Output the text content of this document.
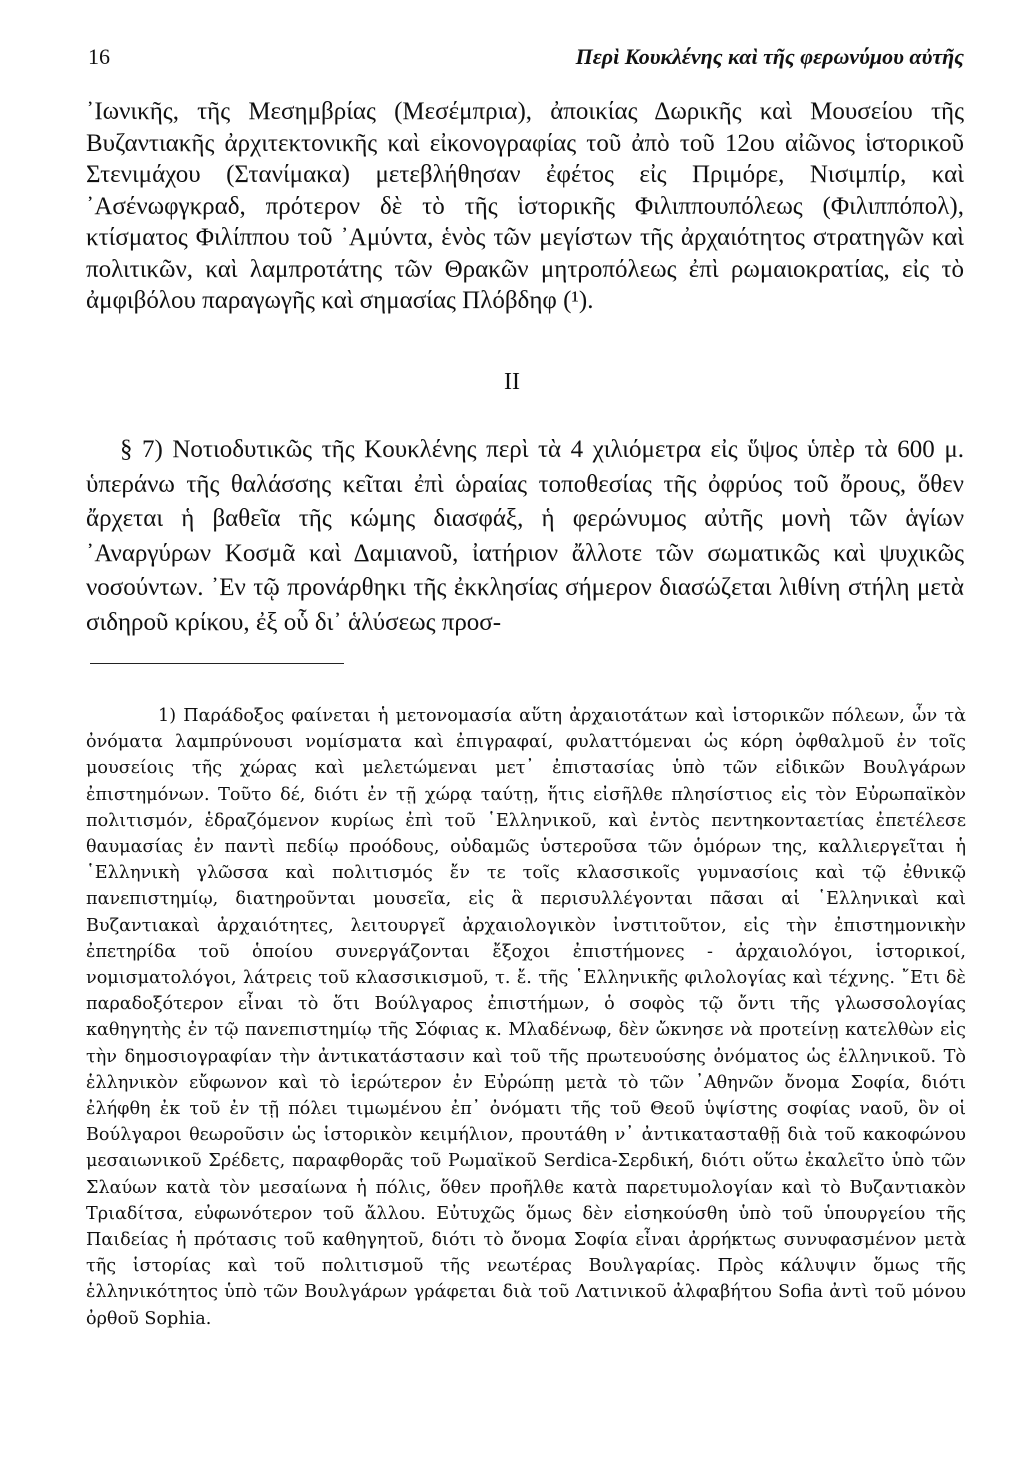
16	Περὶ Κουκλένης καὶ τῆς φερωνύμου αὐτῆς

᾽Ιωνικῆς, τῆς Μεσημβρίας (Μεσέμπρια), ἀποικίας Δωρικῆς καὶ Μουσείου τῆς Βυζαντιακῆς ἀρχιτεκτονικῆς καὶ εἰκονογραφίας τοῦ ἀπὸ τοῦ 12ου αἰῶνος ἱστορικοῦ Στενιμάχου (Στανίμακα) μετεβλήθησαν ἐφέτος εἰς Πριμόρε, Νισιμπίρ, καὶ ᾽Ασένωφγκραδ, πρότερον δὲ τὸ τῆς ἱστορικῆς Φιλιππουπόλεως (Φιλιππόπολ), κτίσματος Φιλίππου τοῦ ᾽Αμύντα, ἑνὸς τῶν μεγίστων τῆς ἀρχαιότητος στρατηγῶν καὶ πολιτικῶν, καὶ λαμπροτάτης τῶν Θρακῶν μητροπόλεως ἐπὶ ρωμαιοκρατίας, εἰς τὸ ἀμφιβόλου παραγωγῆς καὶ σημασίας Πλόβδηφ (¹).

II

§ 7) Νοτιοδυτικῶς τῆς Κουκλένης περὶ τὰ 4 χιλιόμετρα εἰς ὕψος ὑπὲρ τὰ 600 μ. ὑπεράνω τῆς θαλάσσης κεῖται ἐπὶ ὡραίας τοποθεσίας τῆς ὀφρύος τοῦ ὄρους, ὅθεν ἄρχεται ἡ βαθεῖα τῆς κώμης διασφάξ, ἡ φερώνυμος αὐτῆς μονὴ τῶν ἁγίων ᾽Αναργύρων Κοσμᾶ καὶ Δαμιανοῦ, ἰατήριον ἄλλοτε τῶν σωματικῶς καὶ ψυχικῶς νοσούντων. ᾽Εν τῷ προνάρθηκι τῆς ἐκκλησίας σήμερον διασώζεται λιθίνη στήλη μετὰ σιδηροῦ κρίκου, ἐξ οὗ δι᾽ ἁλύσεως προσ-

1) Παράδοξος φαίνεται ἡ μετονομασία αὕτη ἀρχαιοτάτων καὶ ἱστορικῶν πόλεων, ὧν τὰ ὀνόματα λαμπρύνουσι νομίσματα καὶ ἐπιγραφαί, φυλαττόμεναι ὡς κόρη ὀφθαλμοῦ ἐν τοῖς μουσείοις τῆς χώρας καὶ μελετώμεναι μετ᾽ ἐπιστασίας ὑπὸ τῶν εἰδικῶν Βουλγάρων ἐπιστημόνων. Τοῦτο δέ, διότι ἐν τῇ χώρᾳ ταύτῃ, ἥτις εἰσῆλθε πλησίστιος εἰς τὸν Εὐρωπαϊκὸν πολιτισμόν, ἑδραζόμενον κυρίως ἐπὶ τοῦ ῾Ελληνικοῦ, καὶ ἐντὸς πεντηκονταετίας ἐπετέλεσε θαυμασίας ἐν παντὶ πεδίῳ προόδους, οὐδαμῶς ὑστεροῦσα τῶν ὁμόρων της, καλλιεργεῖται ἡ ῾Ελληνικὴ γλῶσσα καὶ πολιτισμός ἔν τε τοῖς κλασσικοῖς γυμνασίοις καὶ τῷ ἐθνικῷ πανεπιστημίῳ, διατηροῦνται μουσεῖα, εἰς ἃ περισυλλέγονται πᾶσαι αἱ ῾Ελληνικαὶ καὶ Βυζαντιακαὶ ἀρχαιότητες, λειτουργεῖ ἀρχαιολογικὸν ἰνστιτοῦτον, εἰς τὴν ἐπιστημονικὴν ἐπετηρίδα τοῦ ὁποίου συνεργάζονται ἔξοχοι ἐπιστήμονες - ἀρχαιολόγοι, ἱστορικοί, νομισματολόγοι, λάτρεις τοῦ κλασσικισμοῦ, τ. ἔ. τῆς ῾Ελληνικῆς φιλολογίας καὶ τέχνης. ῎Ετι δὲ παραδοξότερον εἶναι τὸ ὅτι Βούλγαρος ἐπιστήμων, ὁ σοφὸς τῷ ὄντι τῆς γλωσσολογίας καθηγητὴς ἐν τῷ πανεπιστημίῳ τῆς Σόφιας κ. Μλαδένωφ, δὲν ὤκνησε νὰ προτείνῃ κατελθὼν εἰς τὴν δημοσιογραφίαν τὴν ἀντικατάστασιν καὶ τοῦ τῆς πρωτευούσης ὀνόματος ὡς ἑλληνικοῦ. Τὸ ἑλληνικὸν εὔφωνον καὶ τὸ ἱερώτερον ἐν Εὐρώπῃ μετὰ τὸ τῶν ᾽Αθηνῶν ὄνομα Σοφία, διότι ἐλήφθη ἐκ τοῦ ἐν τῇ πόλει τιμωμένου ἐπ᾽ ὀνόματι τῆς τοῦ Θεοῦ ὑψίστης σοφίας ναοῦ, ὃν οἱ Βούλγαροι θεωροῦσιν ὡς ἱστορικὸν κειμήλιον, προυτάθη ν᾽ ἀντικατασταθῇ διὰ τοῦ κακοφώνου μεσαιωνικοῦ Σρέδετς, παραφθορᾶς τοῦ Ρωμαϊκοῦ Serdica-Σερδική, διότι οὕτω ἐκαλεῖτο ὑπὸ τῶν Σλαύων κατὰ τὸν μεσαίωνα ἡ πόλις, ὅθεν προῆλθε κατὰ παρετυμολογίαν καὶ τὸ Βυζαντιακὸν Τριαδίτσα, εὐφωνότερον τοῦ ἄλλου. Εὐτυχῶς ὅμως δὲν εἰσηκούσθη ὑπὸ τοῦ ὑπουργείου τῆς Παιδείας ἡ πρότασις τοῦ καθηγητοῦ, διότι τὸ ὄνομα Σοφία εἶναι ἀρρήκτως συνυφασμένον μετὰ τῆς ἱστορίας καὶ τοῦ πολιτισμοῦ τῆς νεωτέρας Βουλγαρίας. Πρὸς κάλυψιν ὅμως τῆς ἑλληνικότητος ὑπὸ τῶν Βουλγάρων γράφεται διὰ τοῦ Λατινικοῦ ἀλφαβήτου Sofia ἀντὶ τοῦ μόνου ὀρθοῦ Sophia.
